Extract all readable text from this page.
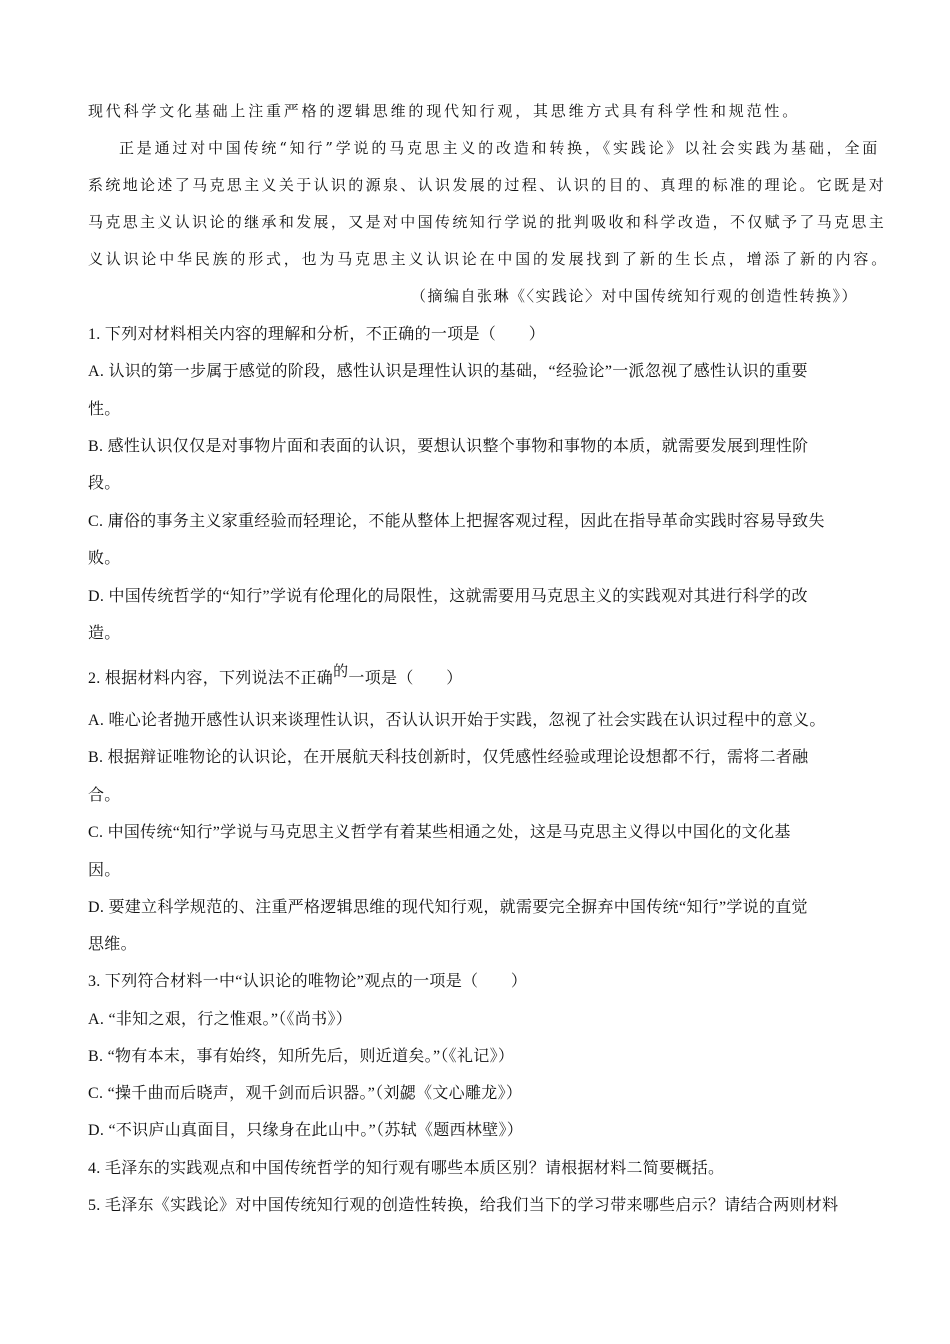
现代科学文化基础上注重严格的逻辑思维的现代知行观，其思维方式具有科学性和规范性。
正是通过对中国传统“知行”学说的马克思主义的改造和转换，《实践论》以社会实践为基础，全面
系统地论述了马克思主义关于认识的源泉、认识发展的过程、认识的目的、真理的标准的理论。它既是对
马克思主义认识论的继承和发展，又是对中国传统知行学说的批判吸收和科学改造，不仅赋予了马克思主
义认识论中华民族的形式，也为马克思主义认识论在中国的发展找到了新的生长点，增添了新的内容。
（摘编自张琳《〈实践论〉对中国传统知行观的创造性转换》）
1. 下列对材料相关内容的理解和分析，不正确的一项是（　　）
A. 认识的第一步属于感觉的阶段，感性认识是理性认识的基础，“经验论”一派忽视了感性认识的重要
性。
B. 感性认识仅仅是对事物片面和表面的认识，要想认识整个事物和事物的本质，就需要发展到理性阶
段。
C. 庸俗的事务主义家重经验而轻理论，不能从整体上把握客观过程，因此在指导革命实践时容易导致失
败。
D. 中国传统哲学的“知行”学说有伦理化的局限性，这就需要用马克思主义的实践观对其进行科学的改
造。
2. 根据材料内容，下列说法不正确的一项是（　　）
A. 唯心论者抛开感性认识来谈理性认识，否认认识开始于实践，忽视了社会实践在认识过程中的意义。
B. 根据辩证唯物论的认识论，在开展航天科技创新时，仅凭感性经验或理论设想都不行，需将二者融
合。
C. 中国传统“知行”学说与马克思主义哲学有着某些相通之处，这是马克思主义得以中国化的文化基
因。
D. 要建立科学规范的、注重严格逻辑思维的现代知行观，就需要完全摒弃中国传统“知行”学说的直觉
思维。
3. 下列符合材料一中“认识论的唯物论”观点的一项是（　　）
A. “非知之艰，行之惟艰。”（《尚书》）
B. “物有本末，事有始终，知所先后，则近道矣。”（《礼记》）
C. “操千曲而后晓声，观千剑而后识器。”（刘勰《文心雕龙》）
D. “不识庐山真面目，只缘身在此山中。”（苏轼《题西林壁》）
4. 毛泽东的实践观点和中国传统哲学的知行观有哪些本质区别？请根据材料二简要概括。
5. 毛泽东《实践论》对中国传统知行观的创造性转换，给我们当下的学习带来哪些启示？请结合两则材料
